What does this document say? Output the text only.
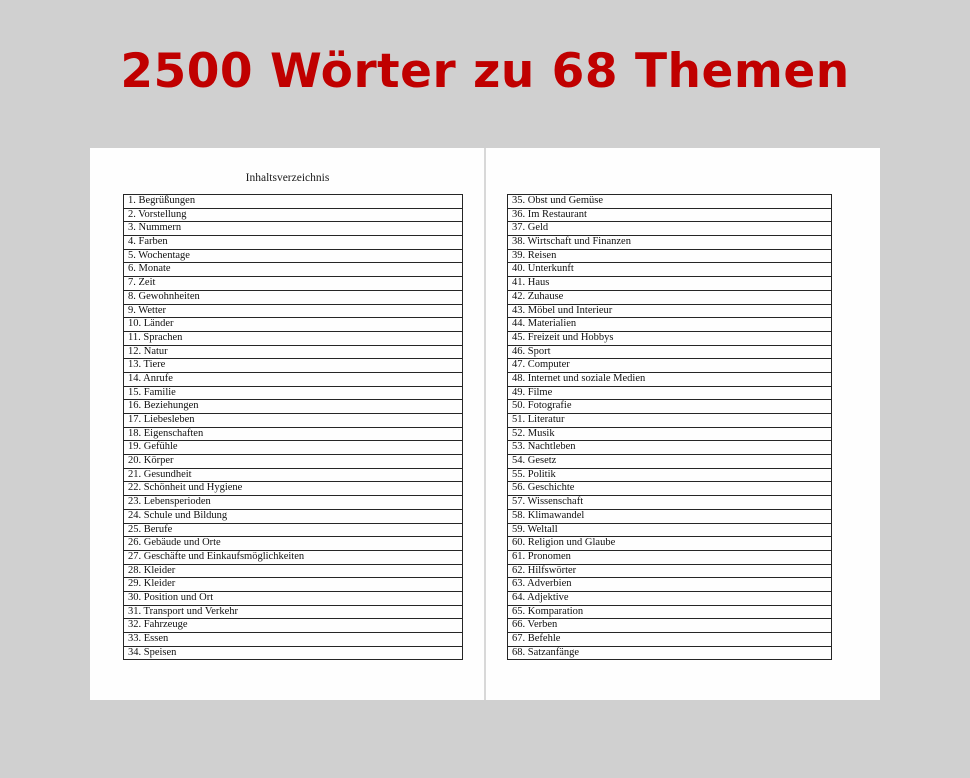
2500 Wörter zu 68 Themen
Inhaltsverzeichnis
1. Begrüßungen
2. Vorstellung
3. Nummern
4. Farben
5. Wochentage
6. Monate
7. Zeit
8. Gewohnheiten
9. Wetter
10. Länder
11. Sprachen
12. Natur
13. Tiere
14. Anrufe
15. Familie
16. Beziehungen
17. Liebesleben
18. Eigenschaften
19. Gefühle
20. Körper
21. Gesundheit
22. Schönheit und Hygiene
23. Lebensperioden
24. Schule und Bildung
25. Berufe
26. Gebäude und Orte
27. Geschäfte und Einkaufsmöglichkeiten
28. Kleider
29. Kleider
30. Position und Ort
31. Transport und Verkehr
32. Fahrzeuge
33. Essen
34. Speisen
35. Obst und Gemüse
36. Im Restaurant
37. Geld
38. Wirtschaft und Finanzen
39. Reisen
40. Unterkunft
41. Haus
42. Zuhause
43. Möbel und Interieur
44. Materialien
45. Freizeit und Hobbys
46. Sport
47. Computer
48. Internet und soziale Medien
49. Filme
50. Fotografie
51. Literatur
52. Musik
53. Nachtleben
54. Gesetz
55. Politik
56. Geschichte
57. Wissenschaft
58. Klimawandel
59. Weltall
60. Religion und Glaube
61. Pronomen
62. Hilfswörter
63. Adverbien
64. Adjektive
65. Komparation
66. Verben
67. Befehle
68. Satzanfänge
